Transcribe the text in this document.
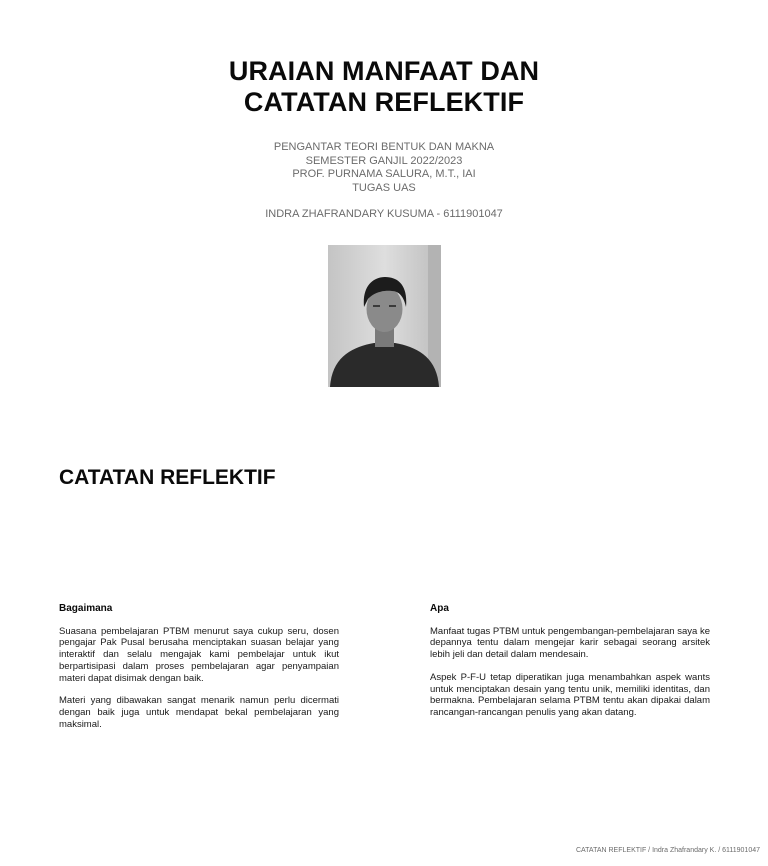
URAIAN MANFAAT DAN
CATATAN REFLEKTIF
PENGANTAR TEORI BENTUK DAN MAKNA
SEMESTER GANJIL 2022/2023
PROF. PURNAMA SALURA, M.T., IAI
TUGAS UAS
INDRA ZHAFRANDARY KUSUMA - 6111901047
CATATAN REFLEKTIF
Bagaimana

Suasana pembelajaran PTBM menurut saya cukup seru, dosen pengajar Pak Pusal berusaha menciptakan suasan belajar yang interaktif dan selalu mengajak kami pembelajar untuk ikut berpartisipasi dalam proses pembelajaran agar penyampaian materi dapat disimak dengan baik.

Materi yang dibawakan sangat menarik namun perlu dicermati dengan baik juga untuk mendapat bekal pembelajaran yang maksimal.

Apa

Manfaat tugas PTBM untuk pengembangan-pembelajaran saya ke depannya tentu dalam mengejar karir sebagai seorang arsitek lebih jeli dan detail dalam mendesain.

Aspek P-F-U tetap diperatikan juga menambahkan aspek wants untuk menciptakan desain yang tentu unik, memiliki identitas, dan bermakna. Pembelajaran selama PTBM tentu akan dipakai dalam rancangan-rancangan penulis yang akan datang.

CATATAN REFLEKTIF / Indra Zhafrandary K. / 6111901047
